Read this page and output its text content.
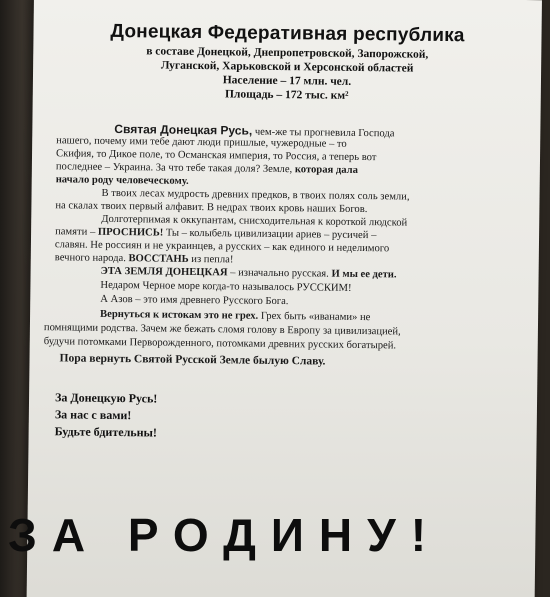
Донецкая Федеративная республика
в составе Донецкой, Днепропетровской, Запорожской,
Луганской, Харьковской и Херсонской областей
Население – 17 млн. чел.
Площадь – 172 тыс. км²
Святая Донецкая Русь, чем-же ты прогневила Господа
нашего, почему ими тебе дают люди пришлые, чужеродные – то
Скифия, то Дикое поле, то Османская империя, то Россия, а теперь вот
последнее – Украина. За что тебе такая доля? Земле, которая дала
начало роду человеческому.
В твоих лесах мудрость древних предков, в твоих полях соль земли,
на скалах твоих первый алфавит. В недрах твоих кровь наших Богов.
Долготерпимая к оккупантам, снисходительная к короткой людской
памяти – ПРОСНИСЬ! Ты – колыбель цивилизации ариев – русичей –
славян. Не россиян и не украинцев, а русских – как единого и неделимого
вечного народа. ВОССТАНЬ из пепла!
ЭТА ЗЕМЛЯ ДОНЕЦКАЯ – изначально русская. И мы ее дети.
Недаром Черное море когда-то называлось РУССКИМ!
А Азов – это имя древнего Русского Бога.
Вернуться к истокам это не грех. Грех быть «иванами» не
помнящими родства. Зачем же бежать сломя голову в Европу за цивилизацией,
будучи потомками Перворожденного, потомками древних русских богатырей.
Пора вернуть Святой Русской Земле былую Славу.
За Донецкую Русь!
За нас с вами!
Будьте бдительны!
ЗА РОДИНУ!
